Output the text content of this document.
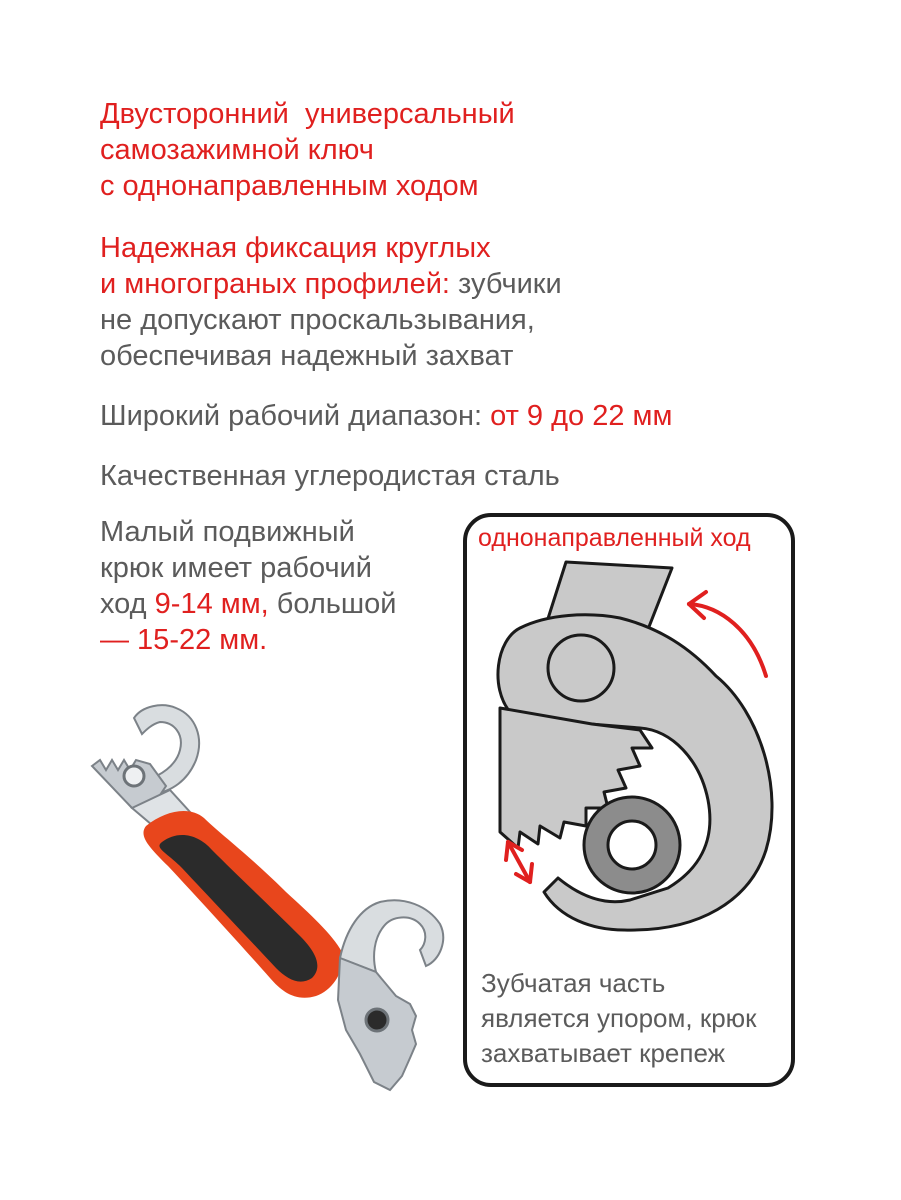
Двусторонний  универсальный
самозажимной ключ
с однонаправленным ходом
Надежная фиксация круглых
и многограных профилей: зубчики
не допускают проскальзывания,
обеспечивая надежный захват
Широкий рабочий диапазон: от 9 до 22 мм
Качественная углеродистая сталь
Малый подвижный
крюк имеет рабочий
ход 9-14 мм, большой
— 15-22 мм.
однонаправленный ход
Зубчатая часть
является упором, крюк
захватывает крепеж
